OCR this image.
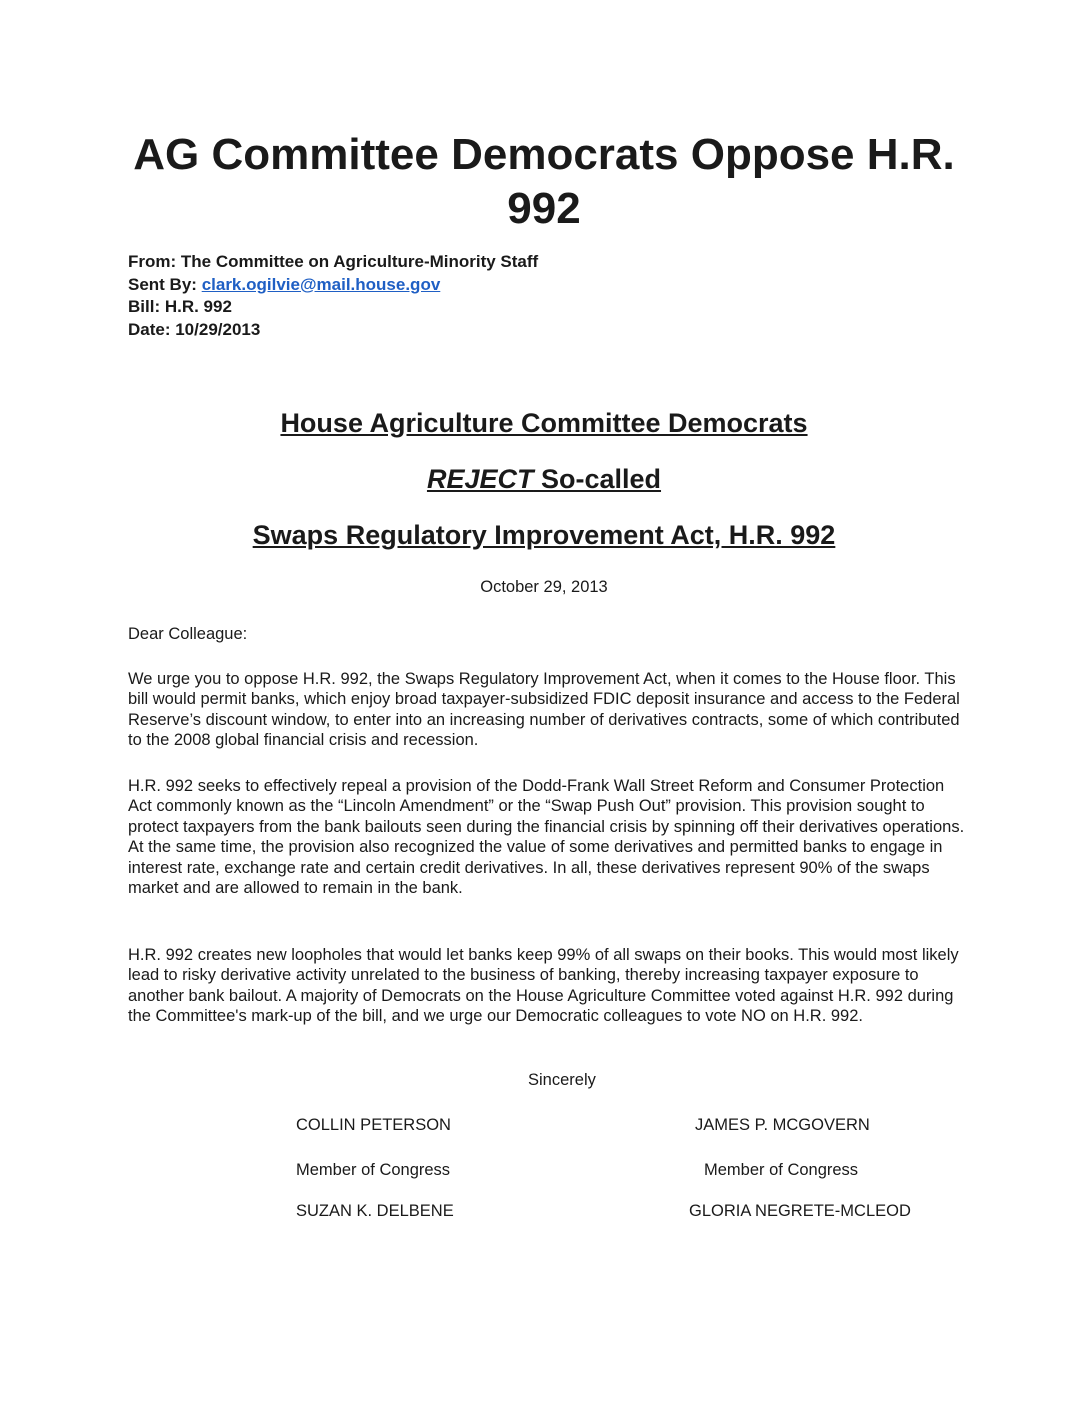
AG Committee Democrats Oppose H.R.
992
From: The Committee on Agriculture-Minority Staff
Sent By: clark.ogilvie@mail.house.gov
Bill: H.R. 992
Date: 10/29/2013
House Agriculture Committee Democrats
REJECT So-called
Swaps Regulatory Improvement Act, H.R. 992
October 29, 2013
Dear Colleague:
We urge you to oppose H.R. 992, the Swaps Regulatory Improvement Act, when it comes to the House floor. This bill would permit banks, which enjoy broad taxpayer-subsidized FDIC deposit insurance and access to the Federal Reserve’s discount window, to enter into an increasing number of derivatives contracts, some of which contributed to the 2008 global financial crisis and recession.
H.R. 992 seeks to effectively repeal a provision of the Dodd-Frank Wall Street Reform and Consumer Protection Act commonly known as the “Lincoln Amendment” or the “Swap Push Out” provision. This provision sought to protect taxpayers from the bank bailouts seen during the financial crisis by spinning off their derivatives operations. At the same time, the provision also recognized the value of some derivatives and permitted banks to engage in interest rate, exchange rate and certain credit derivatives. In all, these derivatives represent 90% of the swaps market and are allowed to remain in the bank.
H.R. 992 creates new loopholes that would let banks keep 99% of all swaps on their books. This would most likely lead to risky derivative activity unrelated to the business of banking, thereby increasing taxpayer exposure to another bank bailout. A majority of Democrats on the House Agriculture Committee voted against H.R. 992 during the Committee's mark-up of the bill, and we urge our Democratic colleagues to vote NO on H.R. 992.
Sincerely
COLLIN PETERSON	JAMES P. MCGOVERN
Member of Congress	Member of Congress
SUZAN K. DELBENE	GLORIA NEGRETE-MCLEOD
